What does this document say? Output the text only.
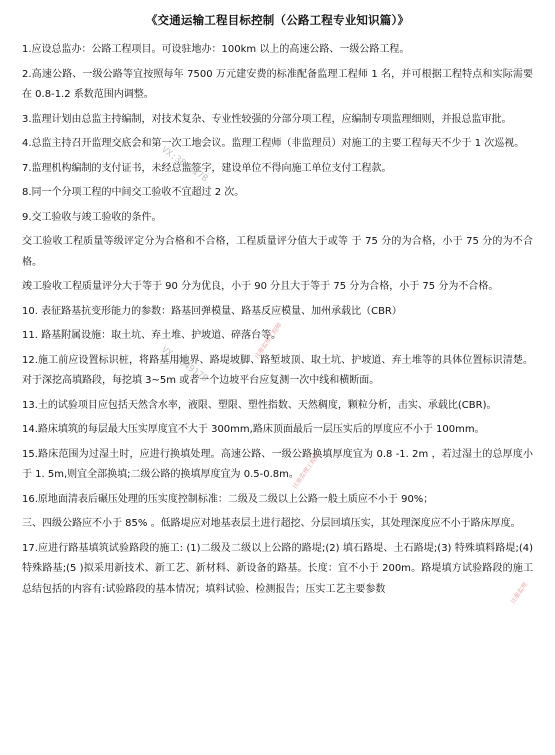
《交通运输工程目标控制（公路工程专业知识篇）》

1.应设总监办：公路工程项目。可设驻地办：100km 以上的高速公路、一级公路工程。

2.高速公路、一级公路等宜按照每年 7500 万元建安费的标准配备监理工程师 1 名，并可根据工程特点和实际需要在 0.8-1.2 系数范围内调整。

3.监理计划由总监主持编制，对技术复杂、专业性较强的分部分项工程，应编制专项监理细则，并报总监审批。

4.总监主持召开监理交底会和第一次工地会议。监理工程师（非监理员）对施工的主要工程每天不少于 1 次巡视。

7.监理机构编制的支付证书，未经总监签字，建设单位不得向施工单位支付工程款。

8.同一个分项工程的中间交工验收不宜超过 2 次。

9.交工验收与竣工验收的条件。

交工验收工程质量等级评定分为合格和不合格，工程质量评分值大于或等 于 75 分的为合格，小于 75 分的为不合格。

竣工验收工程质量评分大于等于 90 分为优良，小于 90 分且大于等于 75 分为合格，小于 75 分为不合格。

10. 表征路基抗变形能力的参数：路基回弹模量、路基反应模量、加州承载比（CBR）

11. 路基附属设施：取土坑、弃土堆、护坡道、碎落台等。

12.施工前应设置标识桩，将路基用地界、路堤坡脚、路堑坡顶、取土坑、护坡道、弃土堆等的具体位置标识清楚。对于深挖高填路段，每挖填 3~5m 或者一个边坡平台应复测一次中线和横断面。

13.土的试验项目应包括天然含水率，液限、塑限、塑性指数、天然稠度，颗粒分析，击实、承载比(CBR)。

14.路床填筑的每层最大压实厚度宜不大于 300mm,路床顶面最后一层压实后的厚度应不小于 100mm。

15.路床范围为过湿土时，应进行换填处理。高速公路、一级公路换填厚度宜为 0.8 -1. 2m ，若过湿土的总厚度小于 1. 5m,则宜全部换填;二级公路的换填厚度宜为 0.5-0.8m。

16.原地面清表后碾压处理的压实度控制标准：二级及二级以上公路一般土质应不小于 90%；

三、四级公路应不小于 85% 。低路堤应对地基表层土进行超挖、分层回填压实，其处理深度应不小于路床厚度。

17.应进行路基填筑试验路段的施工: (1)二级及二级以上公路的路堤;(2) 填石路堤、土石路堤;(3) 特殊填料路堤;(4) 特殊路基;(5 )拟采用新技术、新工艺、新材料、新设备的路基。长度：宜不小于 200m。路堤填方试验路段的施工总结包括的内容有:试验路段的基本情况；填料试验、检测报告；压实工艺主要参数

VX:384917B
VX:384917B
注册监理工程师
注册监理工程师
注册监理
